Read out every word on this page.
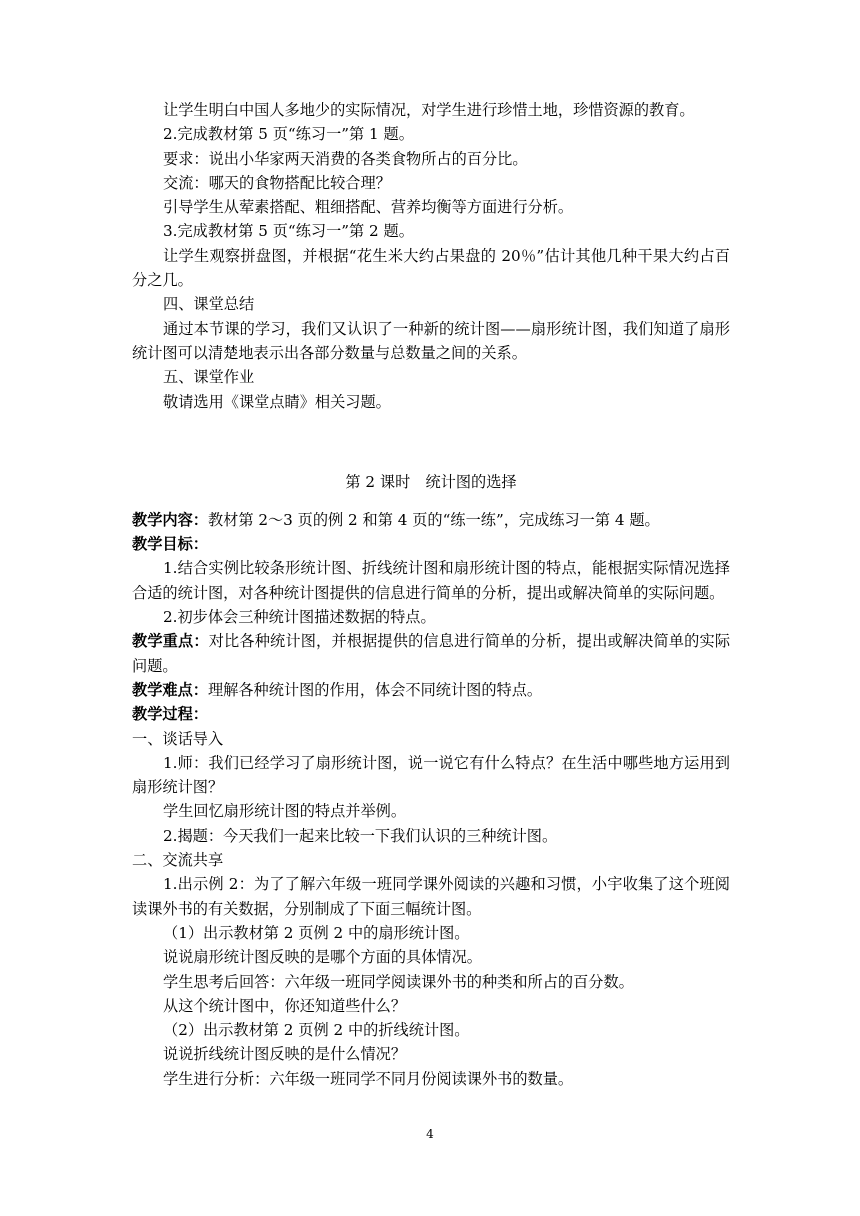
让学生明白中国人多地少的实际情况，对学生进行珍惜土地，珍惜资源的教育。

2.完成教材第 5 页“练习一”第 1 题。

要求：说出小华家两天消费的各类食物所占的百分比。

交流：哪天的食物搭配比较合理？

引导学生从荤素搭配、粗细搭配、营养均衡等方面进行分析。

3.完成教材第 5 页“练习一”第 2 题。

让学生观察拼盘图，并根据“花生米大约占果盘的 20％”估计其他几种干果大约占百分之几。

四、课堂总结

通过本节课的学习，我们又认识了一种新的统计图——扇形统计图，我们知道了扇形统计图可以清楚地表示出各部分数量与总数量之间的关系。

五、课堂作业

敬请选用《课堂点睛》相关习题。

第 2 课时　统计图的选择

教学内容：教材第 2～3 页的例 2 和第 4 页的“练一练”，完成练习一第 4 题。

教学目标：

1.结合实例比较条形统计图、折线统计图和扇形统计图的特点，能根据实际情况选择合适的统计图，对各种统计图提供的信息进行简单的分析，提出或解决简单的实际问题。

2.初步体会三种统计图描述数据的特点。

教学重点：对比各种统计图，并根据提供的信息进行简单的分析，提出或解决简单的实际问题。

教学难点：理解各种统计图的作用，体会不同统计图的特点。

教学过程：

一、谈话导入

1.师：我们已经学习了扇形统计图，说一说它有什么特点？在生活中哪些地方运用到扇形统计图？

学生回忆扇形统计图的特点并举例。

2.揭题：今天我们一起来比较一下我们认识的三种统计图。

二、交流共享

1.出示例 2：为了了解六年级一班同学课外阅读的兴趣和习惯，小宇收集了这个班阅读课外书的有关数据，分别制成了下面三幅统计图。

（1）出示教材第 2 页例 2 中的扇形统计图。

说说扇形统计图反映的是哪个方面的具体情况。

学生思考后回答：六年级一班同学阅读课外书的种类和所占的百分数。

从这个统计图中，你还知道些什么？

（2）出示教材第 2 页例 2 中的折线统计图。

说说折线统计图反映的是什么情况？

学生进行分析：六年级一班同学不同月份阅读课外书的数量。

4
